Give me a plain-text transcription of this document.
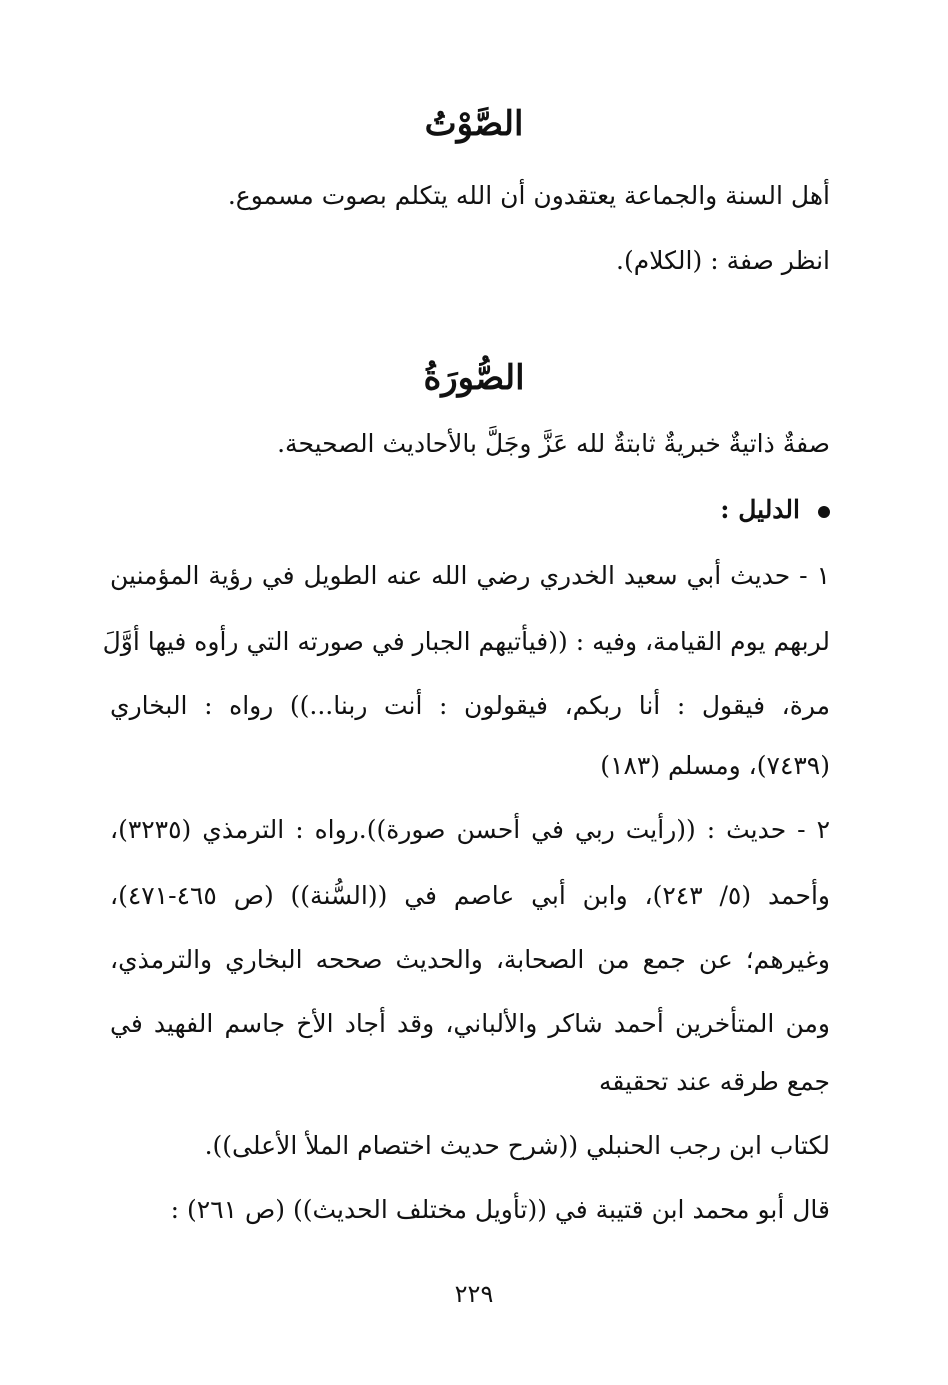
الصَّوْتُ
أهل السنة والجماعة يعتقدون أن الله يتكلم بصوت مسموع.
انظر صفة : (الكلام).
الصُّورَةُ
صفةٌ ذاتيةٌ خبريةٌ ثابتةٌ لله عَزَّ وجَلَّ بالأحاديث الصحيحة.
الدليل :
١ - حديث أبي سعيد الخدري رضي الله عنه الطويل في رؤية المؤمنين
لربهم يوم القيامة، وفيه : ((فيأتيهم الجبار في صورته التي رأوه فيها أوَّلَ
مرة، فيقول : أنا ربكم، فيقولون : أنت ربنا...)) رواه : البخاري
(٧٤٣٩)، ومسلم (١٨٣)
٢ - حديث : ((رأيت ربي في أحسن صورة)).رواه : الترمذي (٣٢٣٥)،
وأحمد (٥/ ٢٤٣)، وابن أبي عاصم في ((السُّنة)) (ص ٤٦٥-٤٧١)،
وغيرهم؛ عن جمع من الصحابة، والحديث صححه البخاري والترمذي،
ومن المتأخرين أحمد شاكر والألباني، وقد أجاد الأخ جاسم الفهيد في
جمع طرقه عند تحقيقه
لكتاب ابن رجب الحنبلي ((شرح حديث اختصام الملأ الأعلى)).
قال أبو محمد ابن قتيبة في ((تأويل مختلف الحديث)) (ص ٢٦١) :
٢٢٩
